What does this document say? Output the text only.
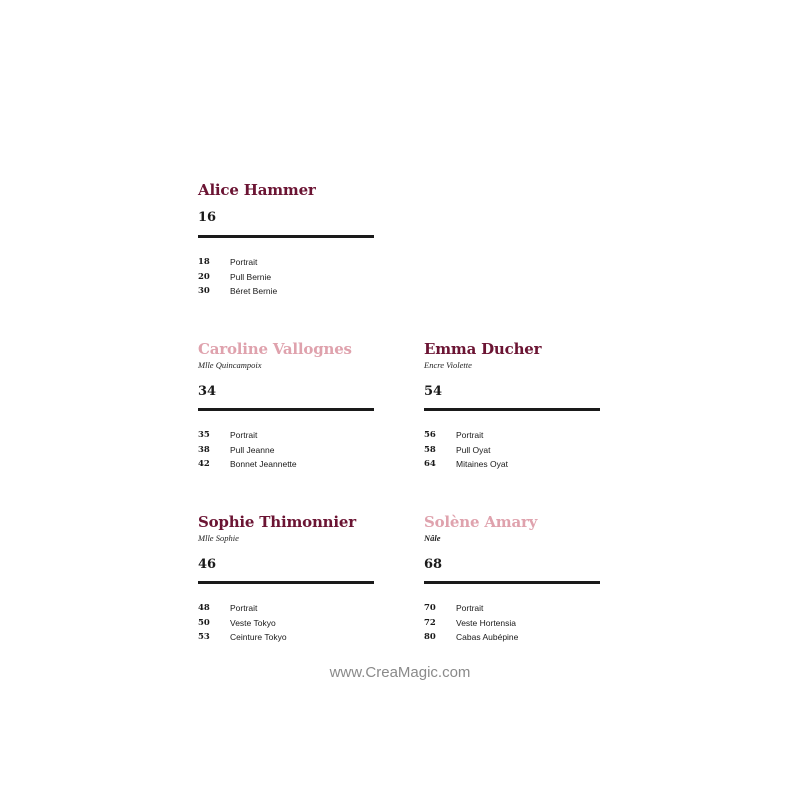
Alice Hammer
16
18	Portrait
20	Pull Bernie
30	Béret Bernie
Caroline Vallognes
Mlle Quincampoix
34
35	Portrait
38	Pull Jeanne
42	Bonnet Jeannette
Emma Ducher
Encre Violette
54
56	Portrait
58	Pull Oyat
64	Mitaines Oyat
Sophie Thimonnier
Mlle Sophie
46
48	Portrait
50	Veste Tokyo
53	Ceinture Tokyo
Solène Amary
Nâle
68
70	Portrait
72	Veste Hortensia
80	Cabas Aubépine
www.CreaMagic.com
